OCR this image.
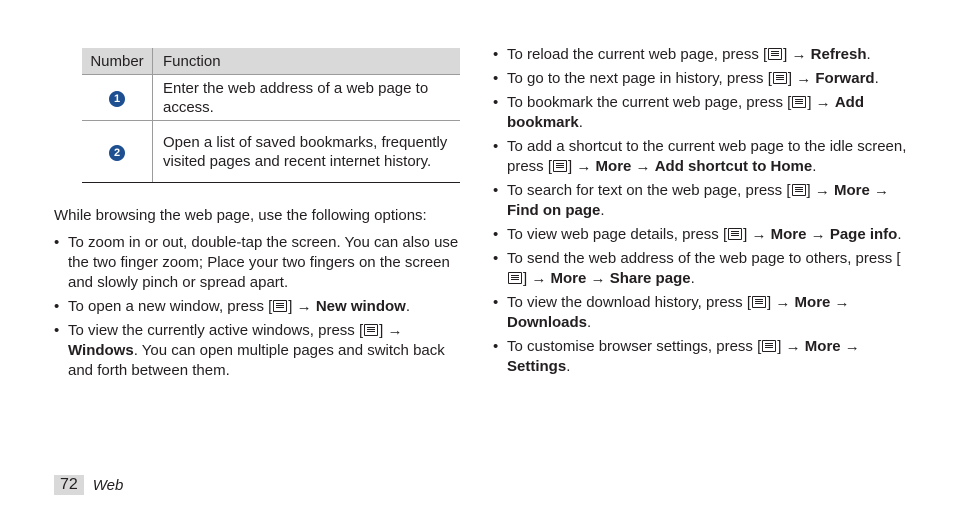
Number	Function
1	Enter the web address of a web page to access.
2	Open a list of saved bookmarks, frequently visited pages and recent internet history.
While browsing the web page, use the following options:
• To zoom in or out, double-tap the screen. You can also use the two finger zoom; Place your two fingers on the screen and slowly pinch or spread apart.
• To open a new window, press [ ] → New window.
• To view the currently active windows, press [ ] → Windows. You can open multiple pages and switch back and forth between them.
• To reload the current web page, press [ ] → Refresh.
• To go to the next page in history, press [ ] → Forward.
• To bookmark the current web page, press [ ] → Add bookmark.
• To add a shortcut to the current web page to the idle screen, press [ ] → More → Add shortcut to Home.
• To search for text on the web page, press [ ] → More → Find on page.
• To view web page details, press [ ] → More → Page info.
• To send the web address of the web page to others, press [] → More → Share page.
• To view the download history, press [ ] → More → Downloads.
• To customise browser settings, press [ ] → More → Settings.
72	Web
